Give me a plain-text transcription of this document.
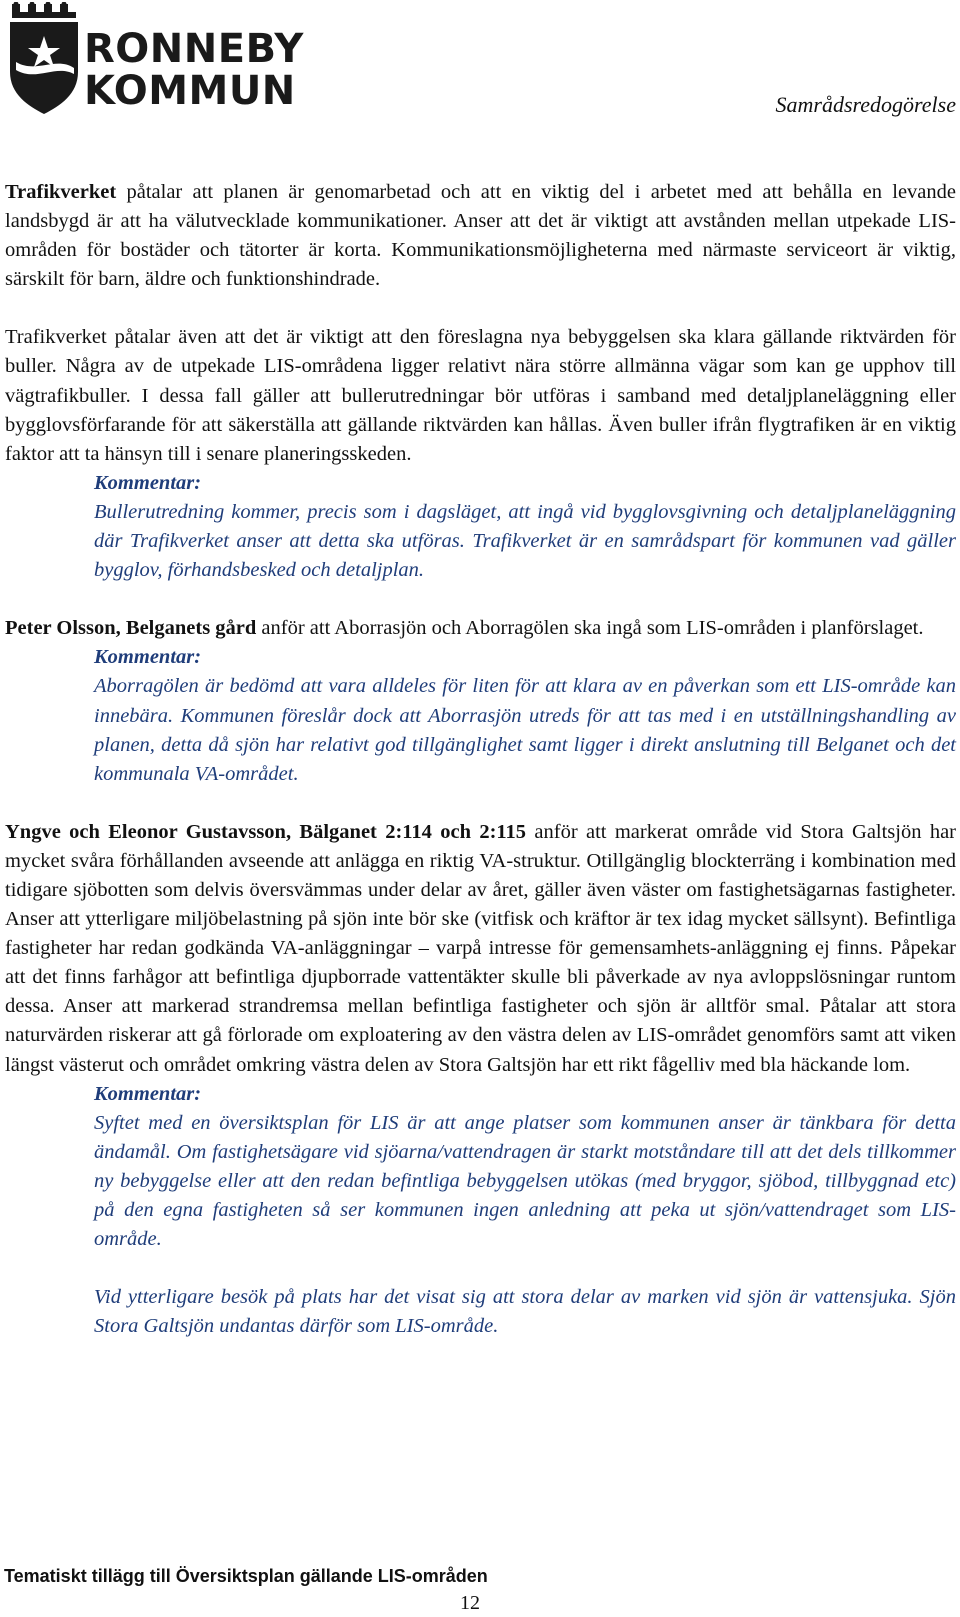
RONNEBY
KOMMUN	Samrådsredogörelse

Trafikverket påtalar att planen är genomarbetad och att en viktig del i arbetet med att behålla en levande landsbygd är att ha välutvecklade kommunikationer. Anser att det är viktigt att avstånden mellan utpekade LIS-områden för bostäder och tätorter är korta. Kommunikationsmöjligheterna med närmaste serviceort är viktig, särskilt för barn, äldre och funktionshindrade.

Trafikverket påtalar även att det är viktigt att den föreslagna nya bebyggelsen ska klara gällande riktvärden för buller. Några av de utpekade LIS-områdena ligger relativt nära större allmänna vägar som kan ge upphov till vägtrafikbuller. I dessa fall gäller att bullerutredningar bör utföras i samband med detaljplaneläggning eller bygglovsförfarande för att säkerställa att gällande riktvärden kan hållas. Även buller ifrån flygtrafiken är en viktig faktor att ta hänsyn till i senare planeringsskeden.

Kommentar:
Bullerutredning kommer, precis som i dagsläget, att ingå vid bygglovsgivning och detaljplaneläggning där Trafikverket anser att detta ska utföras. Trafikverket är en samrådspart för kommunen vad gäller bygglov, förhandsbesked och detaljplan.

Peter Olsson, Belganets gård anför att Aborrasjön och Aborragölen ska ingå som LIS-områden i planförslaget.

Kommentar:
Aborragölen är bedömd att vara alldeles för liten för att klara av en påverkan som ett LIS-område kan innebära. Kommunen föreslår dock att Aborrasjön utreds för att tas med i en utställningshandling av planen, detta då sjön har relativt god tillgänglighet samt ligger i direkt anslutning till Belganet och det kommunala VA-området.

Yngve och Eleonor Gustavsson, Bälganet 2:114 och 2:115 anför att markerat område vid Stora Galtsjön har mycket svåra förhållanden avseende att anlägga en riktig VA-struktur. Otillgänglig blockterräng i kombination med tidigare sjöbotten som delvis översvämmas under delar av året, gäller även väster om fastighetsägarnas fastigheter. Anser att ytterligare miljöbelastning på sjön inte bör ske (vitfisk och kräftor är tex idag mycket sällsynt). Befintliga fastigheter har redan godkända VA-anläggningar – varpå intresse för gemensamhets-anläggning ej finns. Påpekar att det finns farhågor att befintliga djupborrade vattentäkter skulle bli påverkade av nya avloppslösningar runtom dessa. Anser att markerad strandremsa mellan befintliga fastigheter och sjön är alltför smal. Påtalar att stora naturvärden riskerar att gå förlorade om exploatering av den västra delen av LIS-området genomförs samt att viken längst västerut och området omkring västra delen av Stora Galtsjön har ett rikt fågelliv med bla häckande lom.

Kommentar:
Syftet med en översiktsplan för LIS är att ange platser som kommunen anser är tänkbara för detta ändamål. Om fastighetsägare vid sjöarna/vattendragen är starkt motståndare till att det dels tillkommer ny bebyggelse eller att den redan befintliga bebyggelsen utökas (med bryggor, sjöbod, tillbyggnad etc) på den egna fastigheten så ser kommunen ingen anledning att peka ut sjön/vattendraget som LIS-område.
Vid ytterligare besök på plats har det visat sig att stora delar av marken vid sjön är vattensjuka. Sjön Stora Galtsjön undantas därför som LIS-område.
Tematiskt tillägg till Översiktsplan gällande LIS-områden
12
